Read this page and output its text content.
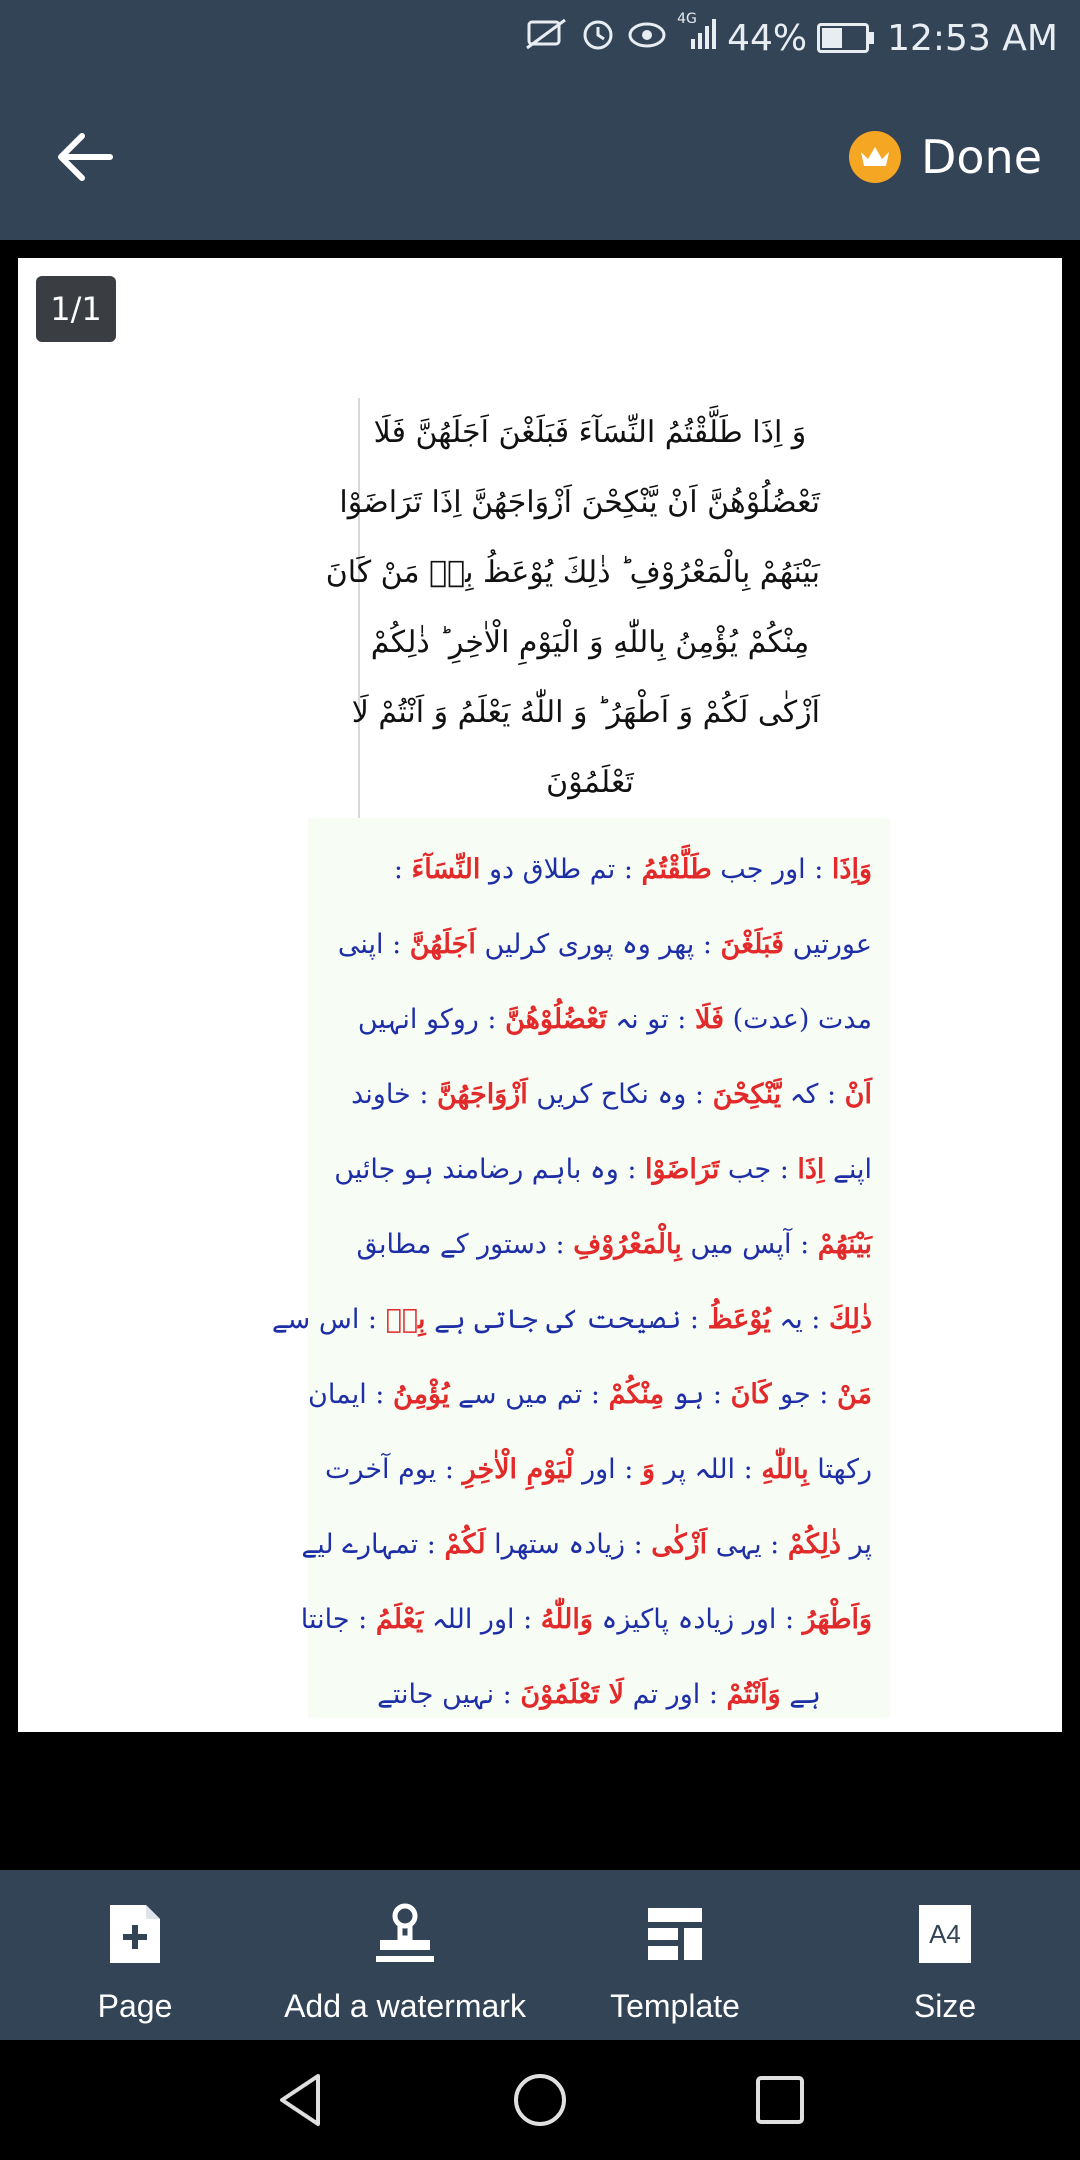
4G 44% 12:53 AM
Done
1/1
وَ اِذَا طَلَّقْتُمُ النِّسَآءَ فَبَلَغْنَ اَجَلَهُنَّ فَلَا
تَعْضُلُوْهُنَّ اَنْ يَّنْكِحْنَ اَزْوَاجَهُنَّ اِذَا تَرَاضَوْا
بَيْنَهُمْ بِالْمَعْرُوْفِ ؕ ذٰلِكَ يُوْعَظُ بِهٖ مَنْ كَانَ
مِنْكُمْ يُؤْمِنُ بِاللّٰهِ وَ الْيَوْمِ الْاٰخِرِ ؕ ذٰلِكُمْ
اَزْكٰى لَكُمْ وَ اَطْهَرُ ؕ وَ اللّٰهُ يَعْلَمُ وَ اَنْتُمْ لَا
تَعْلَمُوْنَ
وَاِذَا : اور جب طَلَّقْتُمُ : تم طلاق دو النِّسَآءَ :
عورتیں فَبَلَغْنَ : پھر وہ پوری کرلیں اَجَلَهُنَّ : اپنی
مدت (عدت) فَلَا : تو نہ تَعْضُلُوْهُنَّ : روکو انہیں
اَنْ : کہ يَّنْكِحْنَ : وہ نکاح کریں اَزْوَاجَهُنَّ : خاوند
اپنے اِذَا : جب تَرَاضَوْا : وہ باہم رضامند ہو جائیں
بَيْنَهُمْ : آپس میں بِالْمَعْرُوْفِ : دستور کے مطابق
ذٰلِكَ : یہ يُوْعَظُ : نصیحت کی جاتی ہے بِهٖ : اس سے
مَنْ : جو كَانَ : ہو مِنْكُمْ : تم میں سے يُؤْمِنُ : ایمان
رکھتا بِاللّٰهِ : اللہ پر وَ : اور لْيَوْمِ الْاٰخِرِ : یوم آخرت
پر ذٰلِكُمْ : یہی اَزْكٰى : زیادہ ستھرا لَكُمْ : تمہارے لیے
وَاَطْهَرُ : اور زیادہ پاکیزہ وَاللّٰهُ : اور اللہ يَعْلَمُ : جانتا
ہے وَاَنْتُمْ : اور تم لَا تَعْلَمُوْنَ : نہیں جانتے
Page	Add a watermark	Template
A4
Size
